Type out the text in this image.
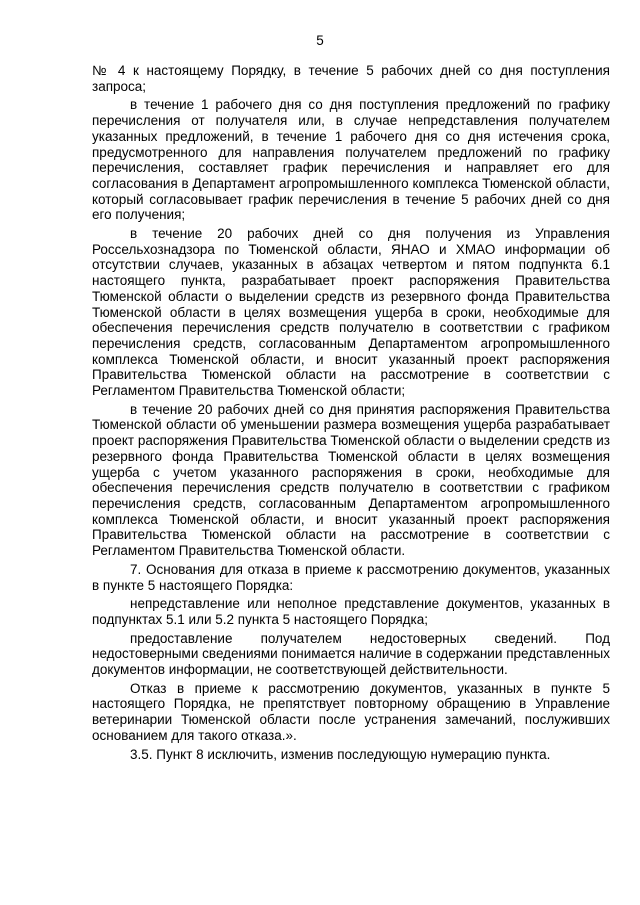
5

№ 4 к настоящему Порядку, в течение 5 рабочих дней со дня поступления запроса;

в течение 1 рабочего дня со дня поступления предложений по графику перечисления от получателя или, в случае непредставления получателем указанных предложений, в течение 1 рабочего дня со дня истечения срока, предусмотренного для направления получателем предложений по графику перечисления, составляет график перечисления и направляет его для согласования в Департамент агропромышленного комплекса Тюменской области, который согласовывает график перечисления в течение 5 рабочих дней со дня его получения;

в течение 20 рабочих дней со дня получения из Управления Россельхознадзора по Тюменской области, ЯНАО и ХМАО информации об отсутствии случаев, указанных в абзацах четвертом и пятом подпункта 6.1 настоящего пункта, разрабатывает проект распоряжения Правительства Тюменской области о выделении средств из резервного фонда Правительства Тюменской области в целях возмещения ущерба в сроки, необходимые для обеспечения перечисления средств получателю в соответствии с графиком перечисления средств, согласованным Департаментом агропромышленного комплекса Тюменской области, и вносит указанный проект распоряжения Правительства Тюменской области на рассмотрение в соответствии с Регламентом Правительства Тюменской области;

в течение 20 рабочих дней со дня принятия распоряжения Правительства Тюменской области об уменьшении размера возмещения ущерба разрабатывает проект распоряжения Правительства Тюменской области о выделении средств из резервного фонда Правительства Тюменской области в целях возмещения ущерба с учетом указанного распоряжения в сроки, необходимые для обеспечения перечисления средств получателю в соответствии с графиком перечисления средств, согласованным Департаментом агропромышленного комплекса Тюменской области, и вносит указанный проект распоряжения Правительства Тюменской области на рассмотрение в соответствии с Регламентом Правительства Тюменской области.

7. Основания для отказа в приеме к рассмотрению документов, указанных в пункте 5 настоящего Порядка:

непредставление или неполное представление документов, указанных в подпунктах 5.1 или 5.2 пункта 5 настоящего Порядка;

предоставление получателем недостоверных сведений. Под недостоверными сведениями понимается наличие в содержании представленных документов информации, не соответствующей действительности.

Отказ в приеме к рассмотрению документов, указанных в пункте 5 настоящего Порядка, не препятствует повторному обращению в Управление ветеринарии Тюменской области после устранения замечаний, послуживших основанием для такого отказа.».

3.5. Пункт 8 исключить, изменив последующую нумерацию пункта.
